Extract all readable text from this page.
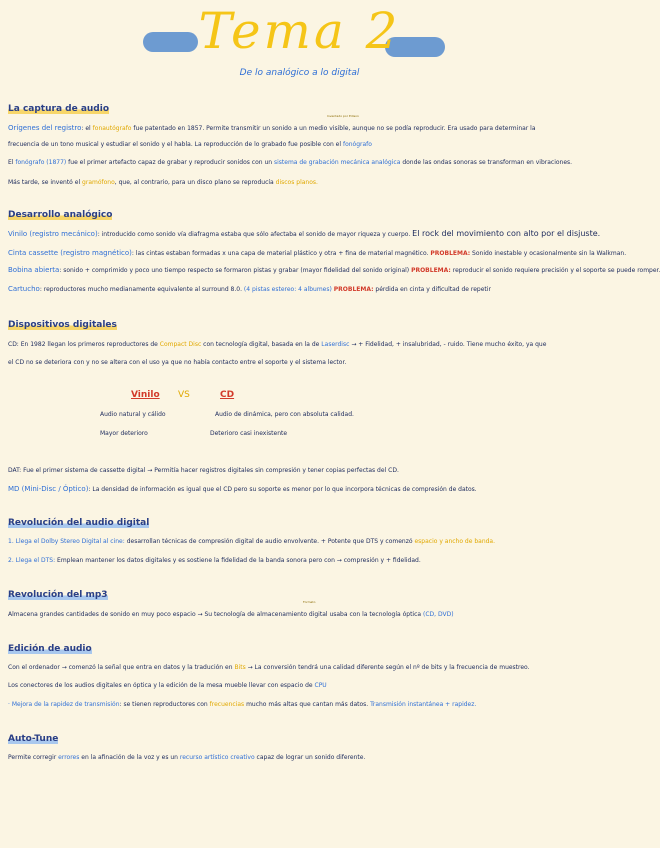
Tema 2
De lo analógico a lo digital
La captura de audio
Inventado por Edison
Orígenes del registro: el fonautógrafo fue patentado en 1857. Permite transmitir un sonido a un medio visible, aunque no se podía reproducir. Era usado para determinar la
frecuencia de un tono musical y estudiar el sonido y el habla. La reproducción de lo grabado fue posible con el fonógrafo
El fonógrafo (1877) fue el primer artefacto capaz de grabar y reproducir sonidos con un sistema de grabación mecánica analógica donde las ondas sonoras se transforman en vibraciones.
Más tarde, se inventó el gramófono, que, al contrario, para un disco plano se reproducía discos planos.
Desarrollo analógico
Vinilo (registro mecánico): introducido como sonido vía diafragma estaba que sólo afectaba el sonido de mayor riqueza y cuerpo. El rock del movimiento con alto por el disjuste.
Cinta cassette (registro magnético): las cintas estaban formadas x una capa de material plástico y otra + fina de material magnético. PROBLEMA: Sonido inestable y ocasionalmente sin la Walkman.
Bobina abierta: sonido + comprimido y poco uno tiempo respecto se formaron pistas y grabar (mayor fidelidad del sonido original) PROBLEMA: reproducir el sonido requiere precisión y el soporte se puede romper.
Cartucho: reproductores mucho medianamente equivalente al surround 8.0. (4 pistas estereo: 4 albumes) PROBLEMA: pérdida en cinta y dificultad de repetir
Dispositivos digitales
CD: En 1982 llegan los primeros reproductores de Compact Disc con tecnología digital, basada en la de Laserdisc → + Fidelidad, + insalubridad, - ruido. Tiene mucho éxito, ya que
el CD no se deteriora con y no se altera con el uso ya que no había contacto entre el soporte y el sistema lector.
Vinilo VS	CD
Audio natural y cálido
Mayor deterioro
Audio de dinámica, pero con absoluta calidad.
Deterioro casi inexistente
DAT: Fue el primer sistema de cassette digital → Permitía hacer registros digitales sin compresión y tener copias perfectas del CD.
MD (Mini-Disc / Óptico): La densidad de información es igual que el CD pero su soporte es menor por lo que incorpora técnicas de compresión de datos.
Revolución del audio digital
1. Llega el Dolby Stereo Digital al cine: desarrollan técnicas de compresión digital de audio envolvente. + Potente que DTS y comenzó espacio y ancho de banda.
2. Llega el DTS: Emplean mantener los datos digitales y es sostiene la fidelidad de la banda sonora pero con → compresión y + fidelidad.
Revolución del mp3
Formato
Almacena grandes cantidades de sonido en muy poco espacio → Su tecnología de almacenamiento digital usaba con la tecnología óptica (CD, DVD)
Edición de audio
Con el ordenador → comenzó la señal que entra en datos y la tradución en Bits → La conversión tendrá una calidad diferente según el nº de bits y la frecuencia de muestreo.
Los conectores de los audios digitales en óptica y la edición de la mesa mueble llevar con espacio de CPU
· Mejora de la rapidez de transmisión: se tienen reproductores con frecuencias mucho más altas que cantan más datos. Transmisión instantánea + rapidez.
Auto-Tune
Permite corregir errores en la afinación de la voz y es un recurso artístico creativo capaz de lograr un sonido diferente.
